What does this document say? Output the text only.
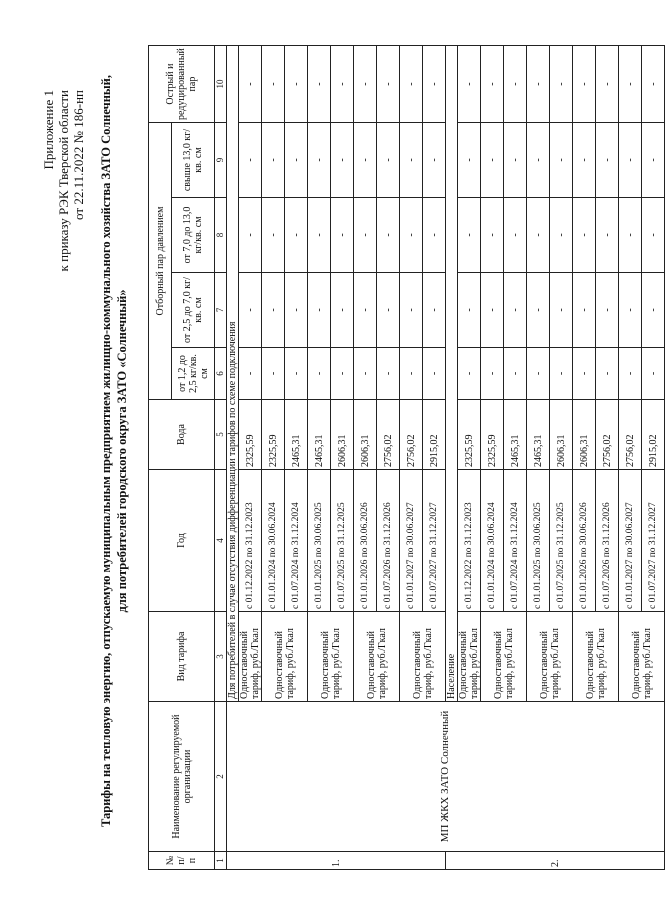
Приложение 1 к приказу РЭК Тверской области от 22.11.2022 № 186-нп Тарифы на тепловую энергию, отпускаемую муниципальным предприятием жилищно-коммунального хозяйства ЗАТО Солнечный, для потребителей городского округа ЗАТО «Солнечный»
№ п/ п	Наименование регулируемой организации	Вид тарифа	Год	Вода	Отборный пар давлением				Острый и редуцированный пар
					от 1,2 до 2,5 кг/кв. см	от 2,5 до 7,0 кг/кв. см	от 7,0 до 13,0 кг/кв. см	свыше 13,0 кг/кв. см	
1	2	3	4	5	6	7	8	9	10
1.	МП ЖКХ ЗАТО Солнечный	Для потребителей в случае отсутствия дифференциации тарифов по схеме подключения							
		Одноставочный тариф, руб./Гкал	с 01.12.2022 по 31.12.2023	2325,59	-	-	-	-	-
		Одноставочный тариф, руб./Гкал	с 01.01.2024 по 30.06.2024	2325,59	-	-	-	-	-
			с 01.07.2024 по 31.12.2024	2465,31	-	-	-	-	-
		Одноставочный тариф, руб./Гкал	с 01.01.2025 по 30.06.2025	2465,31	-	-	-	-	-
			с 01.07.2025 по 31.12.2025	2606,31	-	-	-	-	-
		Одноставочный тариф, руб./Гкал	с 01.01.2026 по 30.06.2026	2606,31	-	-	-	-	-
			с 01.07.2026 по 31.12.2026	2756,02	-	-	-	-	-
		Одноставочный тариф, руб./Гкал	с 01.01.2027 по 30.06.2027	2756,02	-	-	-	-	-
			с 01.07.2027 по 31.12.2027	2915,02	-	-	-	-	-
2.		Население							
		Одноставочный тариф, руб./Гкал	с 01.12.2022 по 31.12.2023	2325,59	-	-	-	-	-
		Одноставочный тариф, руб./Гкал	с 01.01.2024 по 30.06.2024	2325,59	-	-	-	-	-
			с 01.07.2024 по 31.12.2024	2465,31	-	-	-	-	-
		Одноставочный тариф, руб./Гкал	с 01.01.2025 по 30.06.2025	2465,31	-	-	-	-	-
			с 01.07.2025 по 31.12.2025	2606,31	-	-	-	-	-
		Одноставочный тариф, руб./Гкал	с 01.01.2026 по 30.06.2026	2606,31	-	-	-	-	-
			с 01.07.2026 по 31.12.2026	2756,02	-	-	-	-	-
		Одноставочный тариф, руб./Гкал	с 01.01.2027 по 30.06.2027	2756,02	-	-	-	-	-
			с 01.07.2027 по 31.12.2027	2915,02	-	-	-	-	-
